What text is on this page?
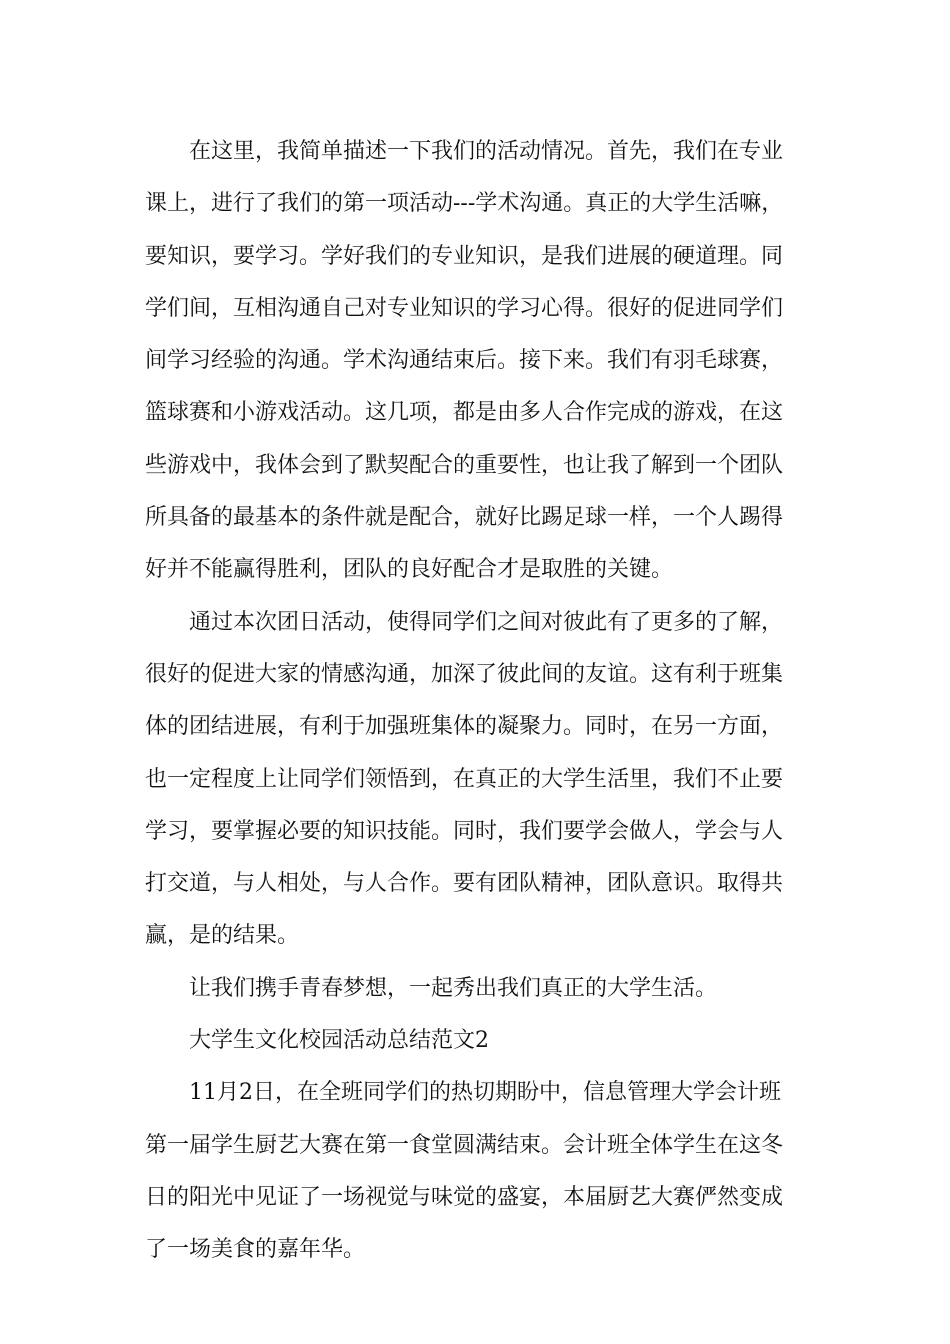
在这里，我简单描述一下我们的活动情况。首先，我们在专业
课上，进行了我们的第一项活动---学术沟通。真正的大学生活嘛，
要知识，要学习。学好我们的专业知识，是我们进展的硬道理。同
学们间，互相沟通自己对专业知识的学习心得。很好的促进同学们
间学习经验的沟通。学术沟通结束后。接下来。我们有羽毛球赛，
篮球赛和小游戏活动。这几项，都是由多人合作完成的游戏，在这
些游戏中，我体会到了默契配合的重要性，也让我了解到一个团队
所具备的最基本的条件就是配合，就好比踢足球一样，一个人踢得
好并不能赢得胜利，团队的良好配合才是取胜的关键。
通过本次团日活动，使得同学们之间对彼此有了更多的了解，
很好的促进大家的情感沟通，加深了彼此间的友谊。这有利于班集
体的团结进展，有利于加强班集体的凝聚力。同时，在另一方面，
也一定程度上让同学们领悟到，在真正的大学生活里，我们不止要
学习，要掌握必要的知识技能。同时，我们要学会做人，学会与人
打交道，与人相处，与人合作。要有团队精神，团队意识。取得共
赢，是的结果。
让我们携手青春梦想，一起秀出我们真正的大学生活。
大学生文化校园活动总结范文2
11月2日，在全班同学们的热切期盼中，信息管理大学会计班
第一届学生厨艺大赛在第一食堂圆满结束。会计班全体学生在这冬
日的阳光中见证了一场视觉与味觉的盛宴，本届厨艺大赛俨然变成
了一场美食的嘉年华。
